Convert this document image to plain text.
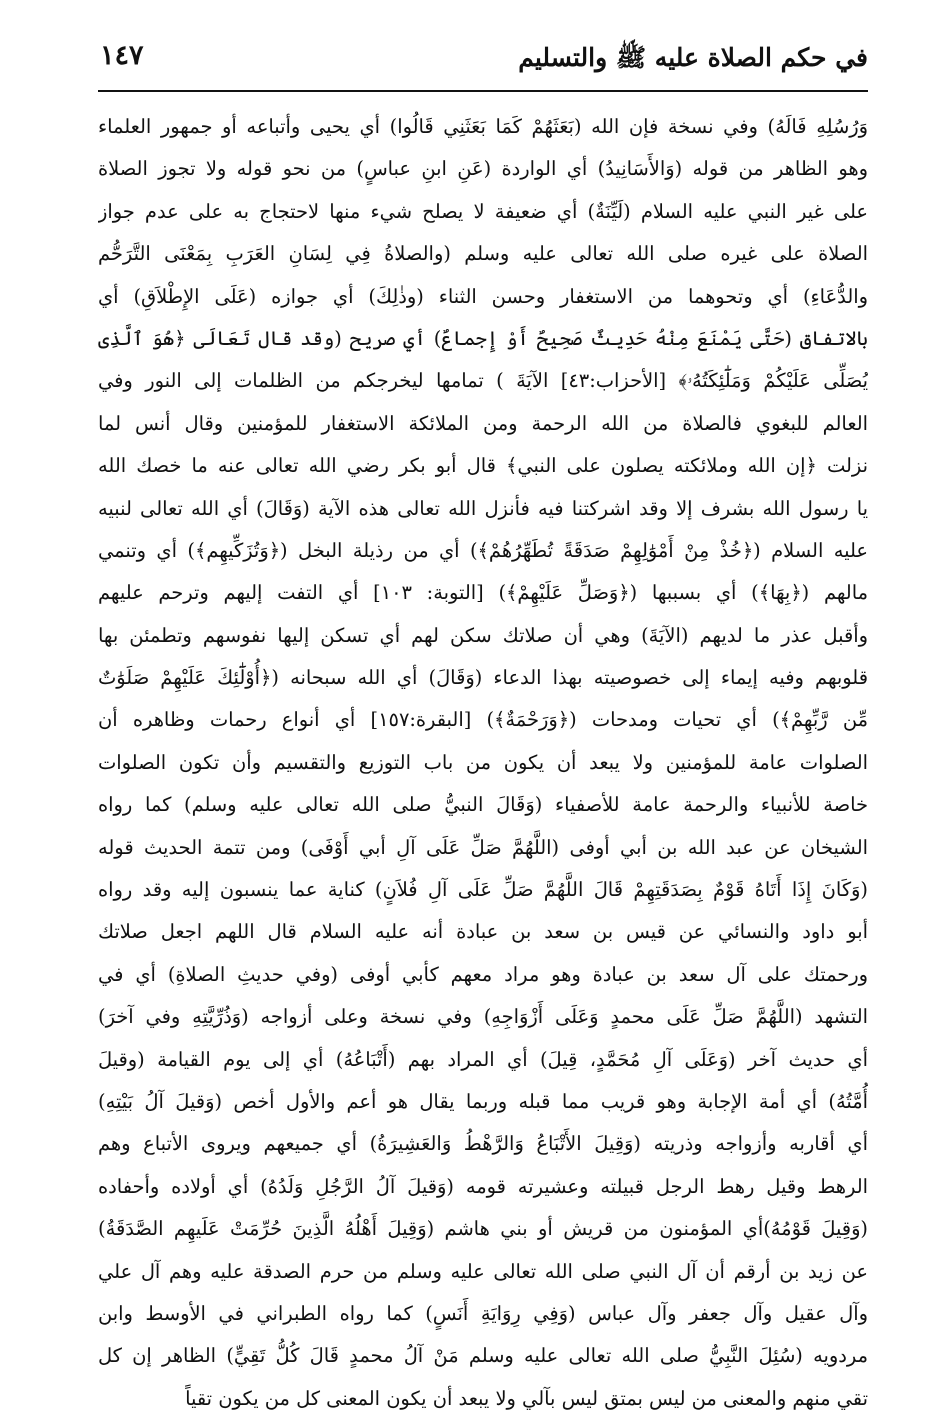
في حكم الصلاة عليه ﷺ والتسليم
١٤٧
وَرُسُلِهِ فَالَهُ) وفي نسخة فإن الله (بَعَثَهُمْ كَمَا بَعَثَنِي قَالُوا) أي يحيى وأتباعه أو جمهور العلماء
وهو الظاهر من قوله (وَالأَسَانِيدُ) أي الواردة (عَنِ ابنِ عباسٍ) من نحو قوله ولا تجوز الصلاة
على غير النبي عليه السلام (لَيِّنَةٌ) أي ضعيفة لا يصلح شيء منها لاحتجاج به على عدم جواز
الصلاة على غيره صلى الله تعالى عليه وسلم (والصلاةُ فِي لِسَانِ العَرَبِ بِمَعْنَى التَّرَحُّم
والدُّعَاءِ) أي وتحوهما من الاستغفار وحسن الثناء (وذٰلِكَ) أي جوازه (عَلَى الإِطْلاَقِ) أي
بالاتفاق (حَتَّى يَمْنَعَ مِنْهُ حَدِيثٌ صَحِيحٌ أَوْ إِجماعٌ) أي صريح (وقد قال تَعَالَى ﴿هُوَ ٱلَّذِى
يُصَلِّى عَلَيْكُمْ وَمَلَٰٓئِكَتُهُۥ﴾ [الأحزاب:٤٣] الآيَةَ ) تمامها ليخرجكم من الظلمات إلى النور وفي
العالم للبغوي فالصلاة من الله الرحمة ومن الملائكة الاستغفار للمؤمنين وقال أنس لما
نزلت ﴿إن الله وملائكته يصلون على النبي﴾ قال أبو بكر رضي الله تعالى عنه ما خصك الله
يا رسول الله بشرف إلا وقد اشركتنا فيه فأنزل الله تعالى هذه الآية (وَقَالَ) أي الله تعالى لنبيه
عليه السلام (﴿خُذْ مِنْ أَمْوَٰلِهِمْ صَدَقَةً تُطَهِّرُهُمْ﴾) أي من رذيلة البخل (﴿وَتُزَكِّيهِم﴾) أي وتنمي
مالهم (﴿بِهَا﴾) أي بسببها (﴿وَصَلِّ عَلَيْهِمْ﴾) [التوبة: ١٠٣] أي التفت إليهم وترحم عليهم
وأقبل عذر ما لديهم (الآيَةَ) وهي أن صلاتك سكن لهم أي تسكن إليها نفوسهم وتطمئن بها
قلوبهم وفيه إيماء إلى خصوصيته بهذا الدعاء (وَقَالَ) أي الله سبحانه (﴿أُوْلَٰٓئِكَ عَلَيْهِمْ صَلَوَٰتٌ
مِّن رَّبِّهِمْ﴾) أي تحيات ومدحات (﴿وَرَحْمَةٌ﴾) [البقرة:١٥٧] أي أنواع رحمات وظاهره أن
الصلوات عامة للمؤمنين ولا يبعد أن يكون من باب التوزيع والتقسيم وأن تكون الصلوات
خاصة للأنبياء والرحمة عامة للأصفياء (وَقَالَ النبيُّ صلى الله تعالى عليه وسلم) كما رواه
الشيخان عن عبد الله بن أبي أوفى (اللَّهُمَّ صَلِّ عَلَى آلِ أبي أَوْفَى) ومن تتمة الحديث قوله
(وَكَانَ إِذَا أَتَاهُ قَوْمٌ بِصَدَقَتِهِمْ قَالَ اللَّهُمَّ صَلِّ عَلَى آلِ فُلاَنٍ) كناية عما ينسبون إليه وقد رواه
أبو داود والنسائي عن قيس بن سعد بن عبادة أنه عليه السلام قال اللهم اجعل صلاتك
ورحمتك على آل سعد بن عبادة وهو مراد معهم كأبي أوفى (وفي حديثِ الصلاةِ) أي في
التشهد (اللَّهُمَّ صَلِّ عَلَى محمدٍ وَعَلَى أَزْوَاجِهِ) وفي نسخة وعلى أزواجه (وَذُرِّيَّتِهِ وفي آخرَ)
أي حديث آخر (وَعَلَى آلِ مُحَمَّدٍ، قِيلَ) أي المراد بهم (أَتْبَاعُهُ) أي إلى يوم القيامة (وقيلَ
أُمَّتُهُ) أي أمة الإجابة وهو قريب مما قبله وربما يقال هو أعم والأول أخص (وَقيلَ آلُ بَيْتِهِ)
أي أقاربه وأزواجه وذريته (وَقِيلَ الأَتْبَاعُ وَالرَّهْطُ وَالعَشِيرَةُ) أي جميعهم ويروى الأتباع وهم
الرهط وقيل رهط الرجل قبيلته وعشيرته قومه (وَقيلَ آلُ الرَّجُلِ وَلَدُهُ) أي أولاده وأحفاده
(وَقِيلَ قَوْمُهُ)أي المؤمنون من قريش أو بني هاشم (وَقِيلَ أَهْلُهُ الَّذِينَ حُرِّمَتْ عَلَيهِم الصَّدَقَةُ)
عن زيد بن أرقم أن آل النبي صلى الله تعالى عليه وسلم من حرم الصدقة عليه وهم آل علي
وآل عقيل وآل جعفر وآل عباس (وَفِي رِوَايَةِ أَنَسٍ) كما رواه الطبراني في الأوسط وابن
مردويه (سُئِلَ النَّبِيُّ صلى الله تعالى عليه وسلم مَنْ آلُ محمدٍ قَالَ كُلُّ تَقِيٍّ) الظاهر إن كل
تقي منهم والمعنى من ليس بمتق ليس بآلي ولا يبعد أن يكون المعنى كل من يكون تقياً
